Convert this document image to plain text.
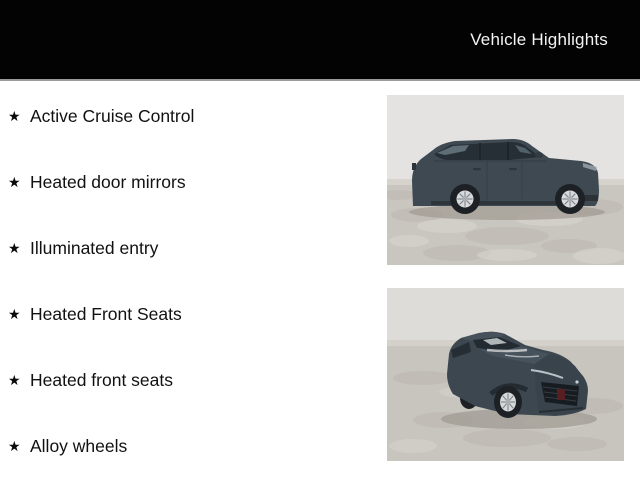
Vehicle Highlights
★ Active Cruise Control
★ Heated door mirrors
★ Illuminated entry
★ Heated Front Seats
★ Heated front seats
★ Alloy wheels
